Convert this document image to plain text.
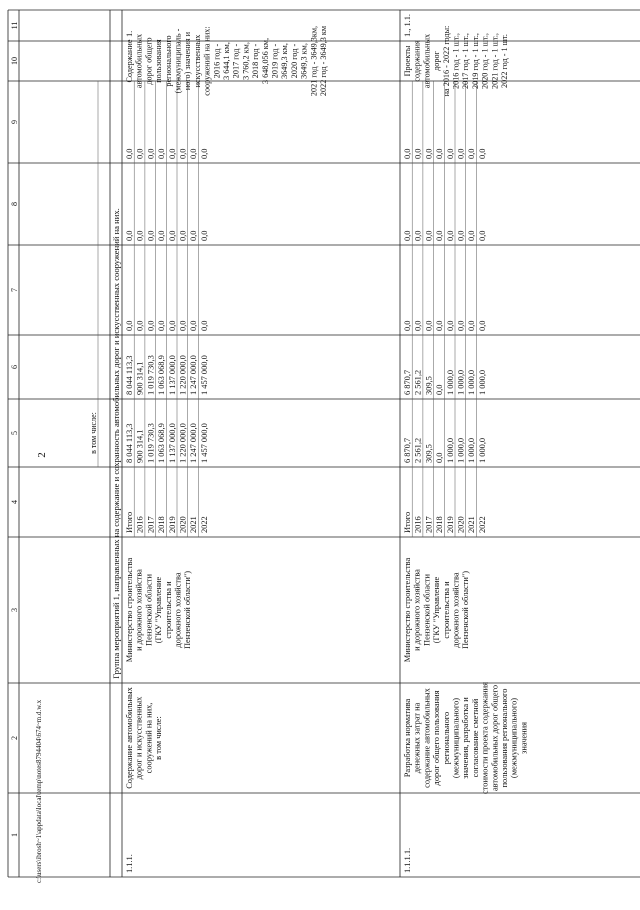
2
1
2
3
4
5
6
7
8
9
10
11
в том числе: Группа мероприятий 1, направленных на содержание и сохранность автомобильных дорог и искусственных сооружений на них.
1.1.1.
Содержание автомобильных дорог и искусственных сооружений на них, в том числе:
Министерство строительства и дорожного хозяйства Пензенской области (ГКУ "Управление строительства и дорожного хозяйства Пензенской области")
Итого
8 044 113,3
8 044 113,3
0,0
0,0
0,0
2016
900 314,1
900 314,1
0,0
0,0
0,0
2017
1 019 730,3
1 019 730,3
0,0
0,0
0,0
2018
1 063 068,9
1 063 068,9
0,0
0,0
0,0
2019
1 137 000,0
1 137 000,0
0,0
0,0
0,0
2020
1 220 000,0
1 220 000,0
0,0
0,0
0,0
2021
1 247 000,0
1 247 000,0
0,0
0,0
0,0
2022
1 457 000,0
1 457 000,0
0,0
0,0
0,0
Содержание автомобильных дорог общего пользования регионального (межмуниципаль - ного) значения и искусственных сооружений на них: 2016 год - 3 644,1 км, 2017 год - 3 760,2 км, 2018 год - 3 648,056 км, 2019 год - 3649,3 км, 2020 год - 3649,3 км, 2021 год - 3649,3км, 2022 год - 3649,3 км
1.
1.1.1.1.
Разработка норматива денежных затрат на содержание автомобильных дорог общего пользования регионального (межмуниципального) значения, разработка и согласование сметной стоимости проекта содержания автомобильных дорог общего пользования регионального (межмуниципального) значения
Министерство строительства и дорожного хозяйства Пензенской области (ГКУ "Управление строительства и дорожного хозяйства Пензенской области")
Итого
6 870,7
6 870,7
0,0
0,0
0,0
2016
2 561,2
2 561,2
0,0
0,0
0,0
2017
309,5
309,5
0,0
0,0
0,0
2018
0,0
0,0
0,0
0,0
0,0
2019
1 000,0
1 000,0
0,0
0,0
0,0
2020
1 000,0
1 000,0
0,0
0,0
0,0
2021
1 000,0
1 000,0
0,0
0,0
0,0
2022
1 000,0
1 000,0
0,0
0,0
0,0
Проекты содержания автомобильных дорог на 2016 - 2022 годы: 2016 год - 1 шт., 2017 год - 1 шт., 2019 год - 1 шт., 2020 год - 1 шт., 2021 год - 1 шт., 2022 год - 1 шт.
1., 1.1.
c:\users\ibrosh~1\appdata\local\temp\notes8794404\674~m.d.w.x
